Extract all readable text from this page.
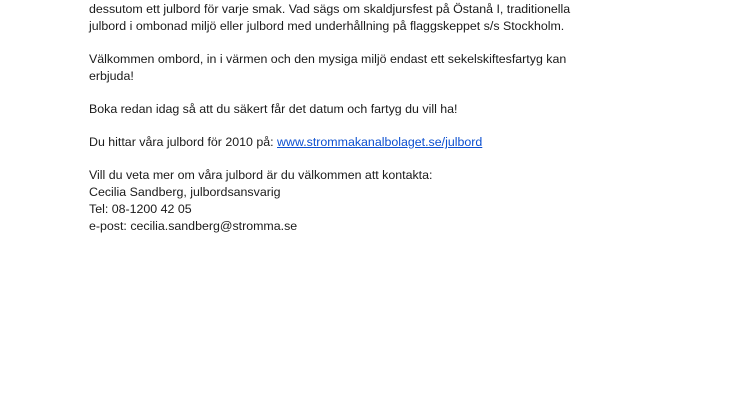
dessutom ett julbord för varje smak. Vad sägs om skaldjursfest på Östanå I, traditionella
julbord i ombonad miljö eller julbord med underhållning på flaggskeppet s/s Stockholm.

Välkommen ombord, in i värmen och den mysiga miljö endast ett sekelskiftesfartyg kan
erbjuda!

Boka redan idag så att du säkert får det datum och fartyg du vill ha!

Du hittar våra julbord för 2010 på: www.strommakanalbolaget.se/julbord

Vill du veta mer om våra julbord är du välkommen att kontakta:
Cecilia Sandberg, julbordsansvarig
Tel: 08-1200 42 05
e-post: cecilia.sandberg@stromma.se
